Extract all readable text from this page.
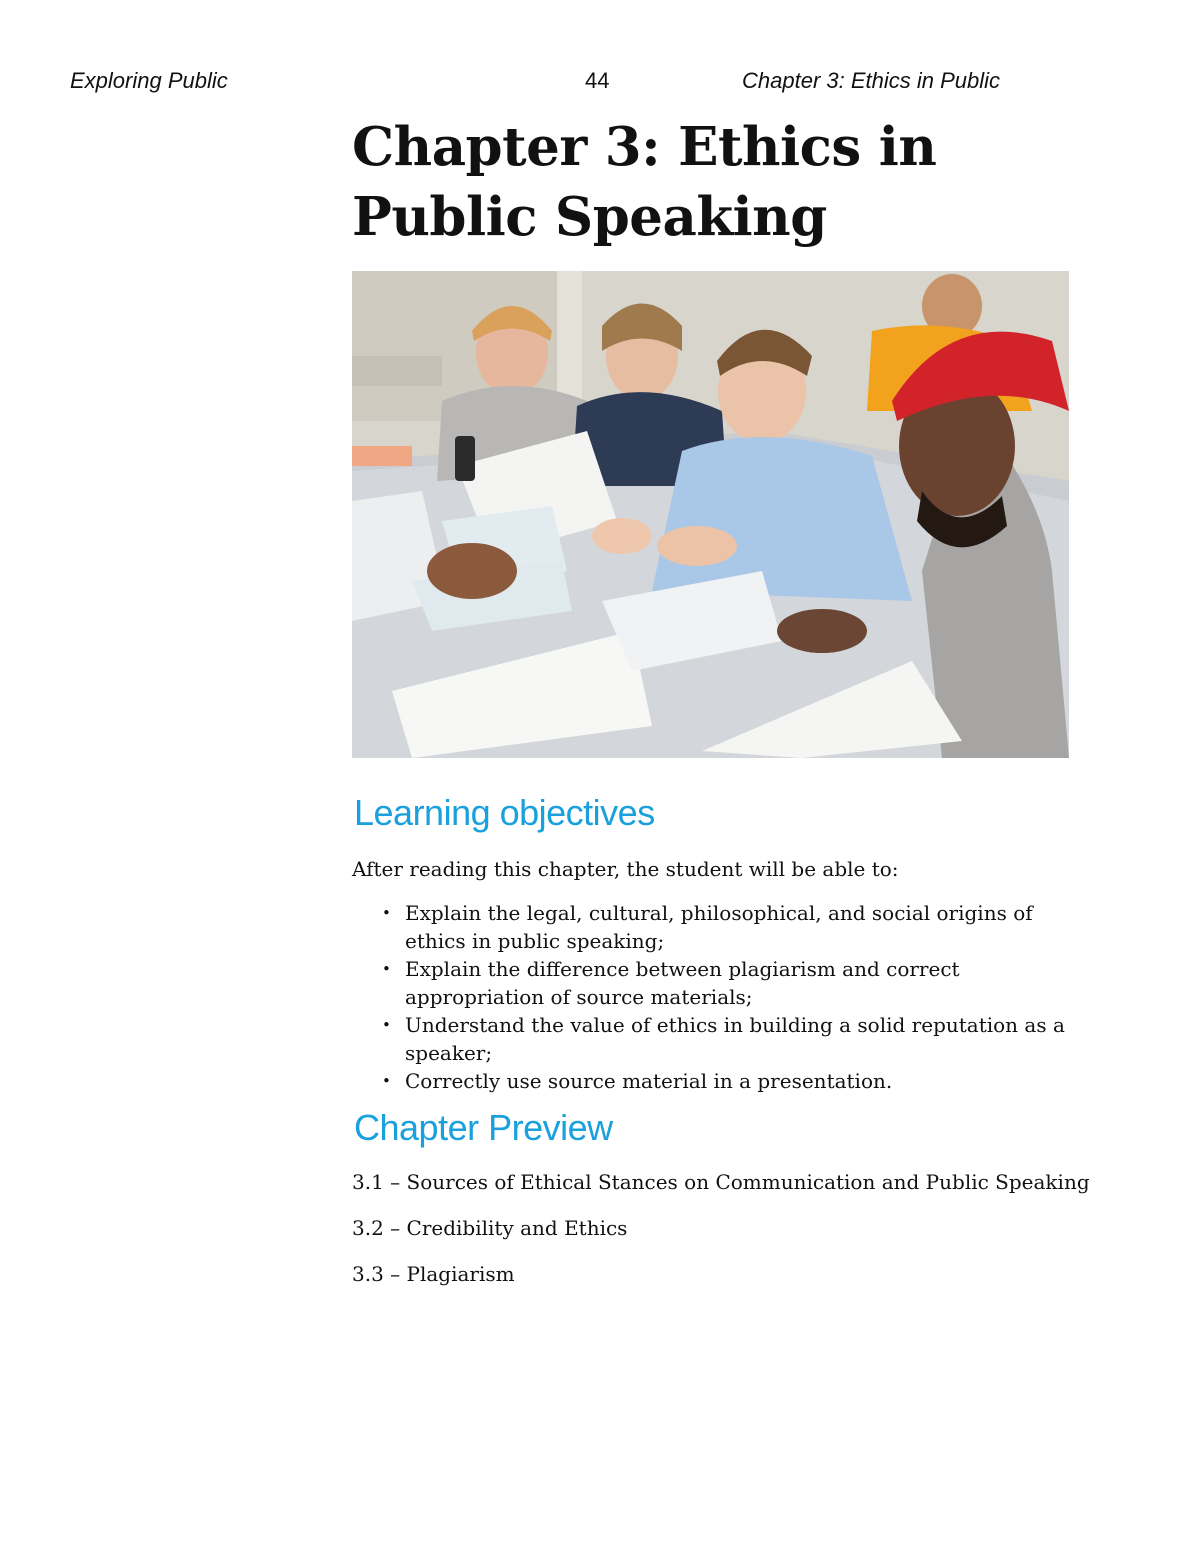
Exploring Public	44	Chapter 3: Ethics in Public
Chapter 3: Ethics in
Public Speaking
Learning objectives

After reading this chapter, the student will be able to:

• Explain the legal, cultural, philosophical, and social origins of
ethics in public speaking;
• Explain the difference between plagiarism and correct
appropriation of source materials;
• Understand the value of ethics in building a solid reputation as a
speaker;
• Correctly use source material in a presentation.
Chapter Preview
3.1 – Sources of Ethical Stances on Communication and Public Speaking
3.2 – Credibility and Ethics
3.3 – Plagiarism
